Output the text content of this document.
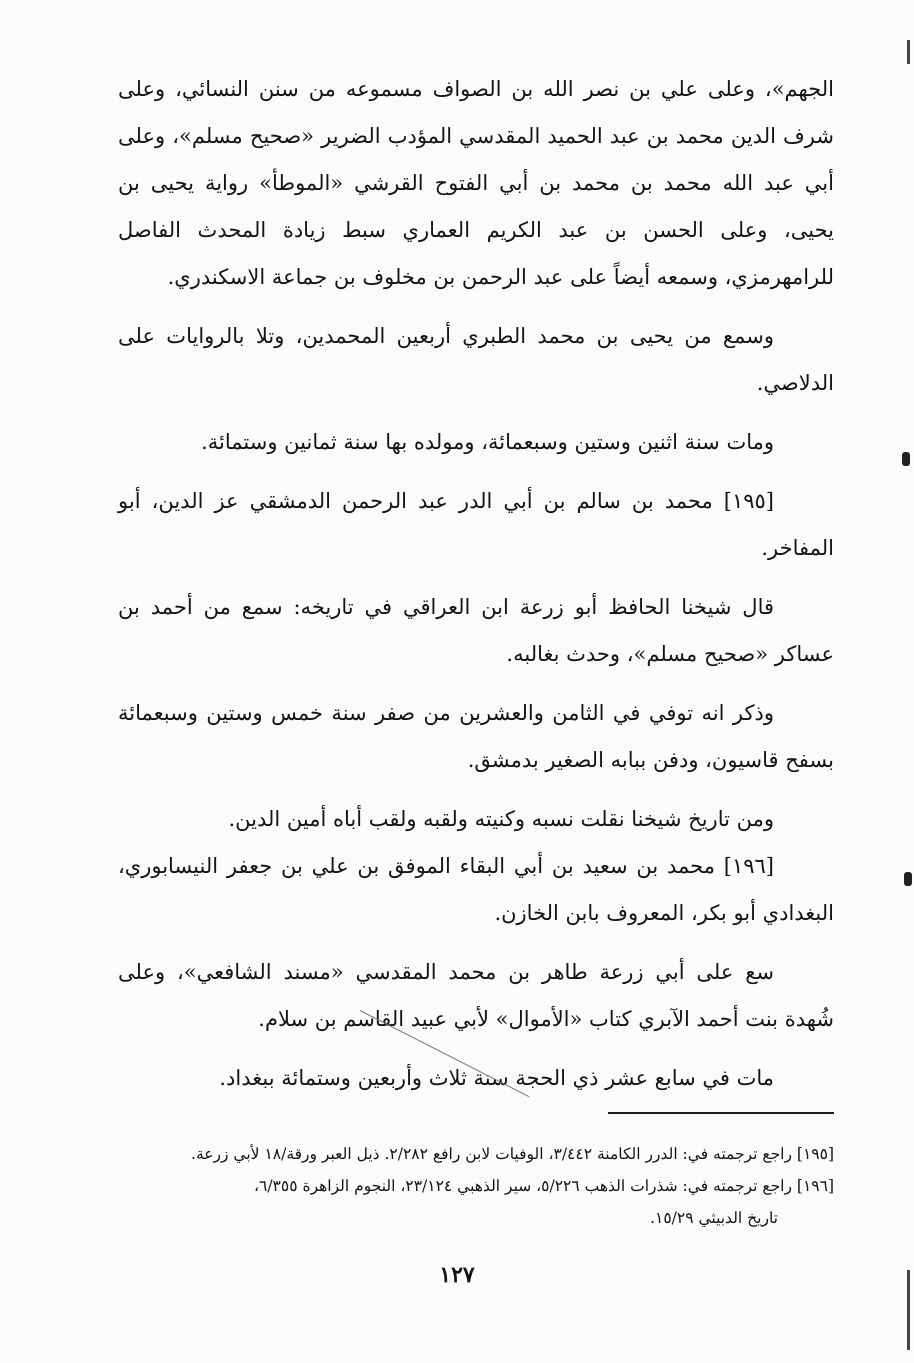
الجهم»، وعلى علي بن نصر الله بن الصواف مسموعه من سنن النسائي، وعلى شرف الدين محمد بن عبد الحميد المقدسي المؤدب الضرير «صحيح مسلم»، وعلى أبي عبد الله محمد بن محمد بن أبي الفتوح القرشي «الموطأ» رواية يحيى بن يحيى، وعلى الحسن بن عبد الكريم العماري سبط زيادة المحدث الفاصل للرامهرمزي، وسمعه أيضاً على عبد الرحمن بن مخلوف بن جماعة الاسكندري.

وسمع من يحيى بن محمد الطبري أربعين المحمدين، وتلا بالروايات على الدلاصي.

ومات سنة اثنين وستين وسبعمائة، ومولده بها سنة ثمانين وستمائة.

[١٩٥] محمد بن سالم بن أبي الدر عبد الرحمن الدمشقي عز الدين، أبو المفاخر.

قال شيخنا الحافظ أبو زرعة ابن العراقي في تاريخه: سمع من أحمد بن عساكر «صحيح مسلم»، وحدث بغالبه.

وذكر انه توفي في الثامن والعشرين من صفر سنة خمس وستين وسبعمائة بسفح قاسيون، ودفن ببابه الصغير بدمشق.

ومن تاريخ شيخنا نقلت نسبه وكنيته ولقبه ولقب أباه أمين الدين.

[١٩٦] محمد بن سعيد بن أبي البقاء الموفق بن علي بن جعفر النيسابوري، البغدادي أبو بكر، المعروف بابن الخازن.

سع على أبي زرعة طاهر بن محمد المقدسي «مسند الشافعي»، وعلى شُهدة بنت أحمد الآبري كتاب «الأموال» لأبي عبيد القاسم بن سلام.

مات في سابع عشر ذي الحجة سنة ثلاث وأربعين وستمائة ببغداد.

[١٩٥] راجع ترجمته في: الدرر الكامنة ٣/٤٤٢، الوفيات لابن رافع ٢/٢٨٢. ذيل العبر ورقة/١٨ لأبي زرعة.

[١٩٦] راجع ترجمته في: شذرات الذهب ٥/٢٢٦، سير الذهبي ٢٣/١٢٤، النجوم الزاهرة ٦/٣٥٥،

تاريخ الدبيثي ١٥/٢٩.

١٢٧
